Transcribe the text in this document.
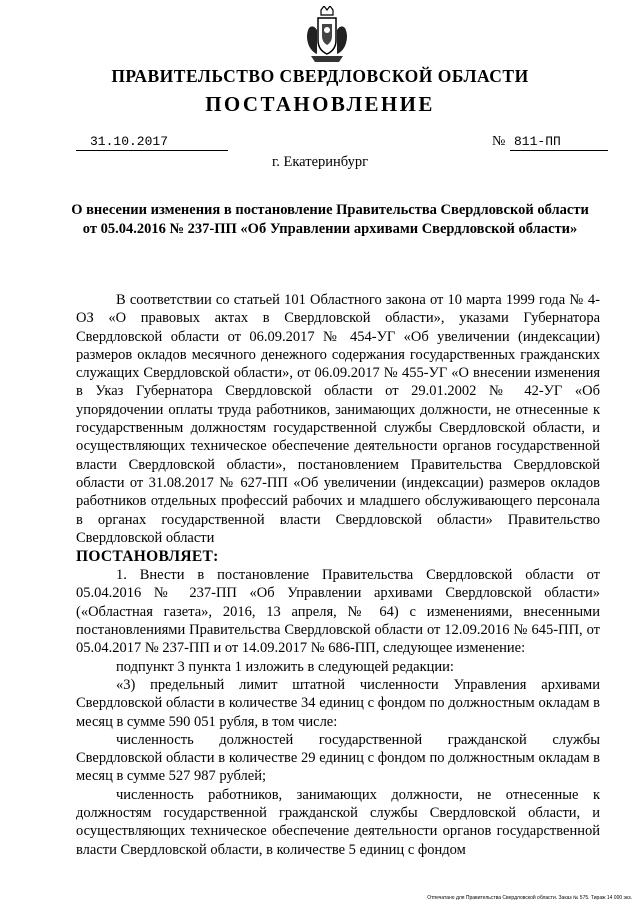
ПРАВИТЕЛЬСТВО СВЕРДЛОВСКОЙ ОБЛАСТИ
ПОСТАНОВЛЕНИЕ
31.10.2017	№ 811-ПП
г. Екатеринбург
О внесении изменения в постановление Правительства Свердловской области от 05.04.2016 № 237-ПП «Об Управлении архивами Свердловской области»

В соответствии со статьей 101 Областного закона от 10 марта 1999 года № 4-ОЗ «О правовых актах в Свердловской области», указами Губернатора Свердловской области от 06.09.2017 № 454-УГ «Об увеличении (индексации) размеров окладов месячного денежного содержания государственных гражданских служащих Свердловской области», от 06.09.2017 № 455-УГ «О внесении изменения в Указ Губернатора Свердловской области от 29.01.2002 № 42-УГ «Об упорядочении оплаты труда работников, занимающих должности, не отнесенные к государственным должностям государственной службы Свердловской области, и осуществляющих техническое обеспечение деятельности органов государственной власти Свердловской области», постановлением Правительства Свердловской области от 31.08.2017 № 627-ПП «Об увеличении (индексации) размеров окладов работников отдельных профессий рабочих и младшего обслуживающего персонала в органах государственной власти Свердловской области» Правительство Свердловской области

ПОСТАНОВЛЯЕТ:

1. Внести в постановление Правительства Свердловской области от 05.04.2016 № 237-ПП «Об Управлении архивами Свердловской области» («Областная газета», 2016, 13 апреля, № 64) с изменениями, внесенными постановлениями Правительства Свердловской области от 12.09.2016 № 645-ПП, от 05.04.2017 № 237-ПП и от 14.09.2017 № 686-ПП, следующее изменение:

подпункт 3 пункта 1 изложить в следующей редакции:

«3) предельный лимит штатной численности Управления архивами Свердловской области в количестве 34 единиц с фондом по должностным окладам в месяц в сумме 590 051 рубля, в том числе:

численность должностей государственной гражданской службы Свердловской области в количестве 29 единиц с фондом по должностным окладам в месяц в сумме 527 987 рублей;

численность работников, занимающих должности, не отнесенные к должностям государственной гражданской службы Свердловской области, и осуществляющих техническое обеспечение деятельности органов государственной власти Свердловской области, в количестве 5 единиц с фондом

Отпечатано для Правительства Свердловской области. Заказ № 575. Тираж 14 000 экз.
